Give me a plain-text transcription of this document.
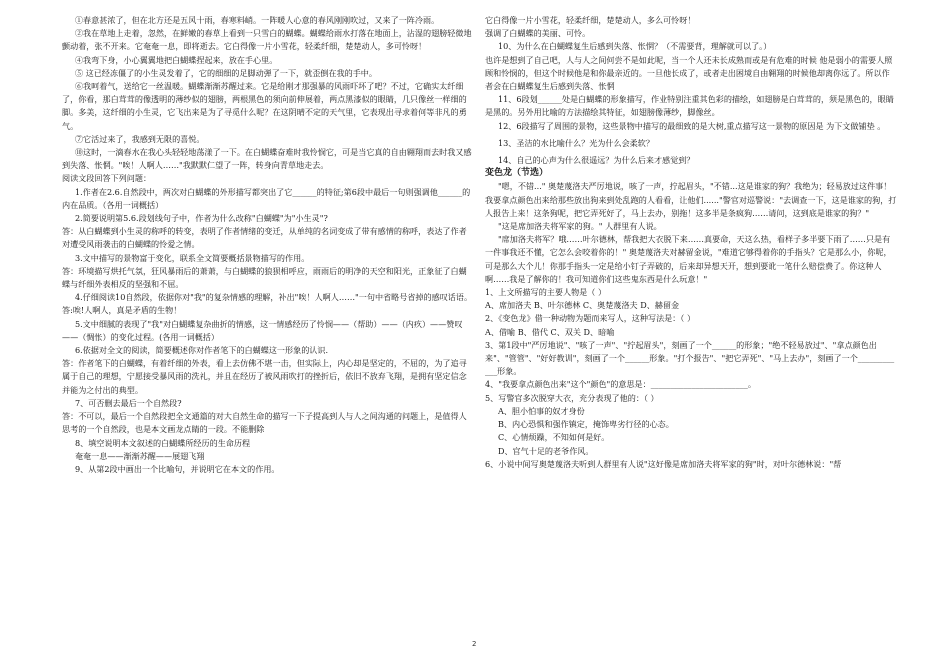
①春意甚浓了，但在北方还是五风十雨，春寒料峭。一阵暖人心意的春风刚刚吹过，又来了一阵冷雨。

②我在草地上走着，忽然，在鲜嫩的春草上看到一只雪白的蝴蝶。蝴蝶给雨水打落在地面上，沾湿的翅膀轻微地颤动着，张不开来。它奄奄一息，即将逝去。它白得像一片小雪花，轻柔纤细，楚楚动人，多可怜呀！

④我弯下身，小心翼翼地把白蝴蝶捏起来，放在手心里。

⑤ 这已经冻僵了的小生灵发着了，它的细细的足脚动弹了一下，就歪倒在我的手中。

⑥我呵着气，送给它一丝温暖。蝴蝶渐渐苏醒过来。它是给刚才那强暴的风雨吓坏了吧？不过，它确实太纤细了，你看，那白茸茸的像透明的薄纱似的翅膀，两根黑色的须向前伸展着，两点黑漆似的眼睛，几只像丝一样细的脚。多美，这纤细的小生灵，它飞出来是为了寻觅什么呢？在这阴晴不定的天气里，它表现出寻求着何等非凡的勇气。

⑦它活过来了，我感到无限的喜悦。

⑩这时，一滴春水在我心头轻轻地荡漾了一下。在白蝴蝶奋难时我怜悯它，可是当它真的自由翱翔而去时我又感到失落、怅惘。"唉！人啊人……"我默默仁望了一阵，转身向青草地走去。

阅读文段回答下列问题：

1.作者在2.6.自然段中，两次对白蝴蝶的外形描写都突出了它______的特征;第6段中最后一句则强调他______的内在品质。（各用一词概括）

2.简要说明第5.6.段划线句子中，作者为什么改称"白蝴蝶"为"小生灵"?

答：从白蝴蝶到小生灵的称呼的转变，表明了作者情绪的变迁，从单纯的名词变成了带有感情的称呼，表达了作者对遭受风雨袭击的白蝴蝶的怜爱之情。

3.文中描写的景物富于变化，联系全文简要概括景物描写的作用。

答：环境描写烘托气氛，狂风暴雨后的萧萧，与白蝴蝶的狼狈相呼应，雨雨后的明净的天空和阳光，正象征了白蝴蝶与纤细外表相反的坚强和不屈。

4.仔细阅读10自然段，依据你对"我"的复杂情感的理解，补出"唉！人啊人……"一句中省略号省掉的感叹话语。

答:唉!人啊人，真是矛盾的生物！

5.文中细腻的表现了"我"对白蝴蝶复杂曲折的情感，这一情感经历了怜悯——（帮助）——（内疚）——赞叹——（惆怅）的变化过程。(各用一词概括）

6.依据对全文的阅读，简要概述你对作者笔下的白蝴蝶这一形象的认识.

答：作者笔下的白蝴蝶，有着纤细的外表，看上去仿佛不堪一击，但实际上，内心却是坚定的，不屈的，为了追寻属于自己的理想，宁愿接受暴风雨的洗礼，并且在经历了被风雨吹打的挫折后，依旧不放弃飞翔，是拥有坚定信念并能为之付出的典型。

7、可否删去最后一个自然段?

答：不可以，最后一个自然段把全文通篇的对大自然生命的描写一下子提高到人与人之间沟通的问题上，是值得人思考的一个自然段，也是本文画龙点睛的一段。不能删除

8、填空说明本文叙述的白蝴蝶所经历的生命历程

奄奄一息——渐渐苏醒——展翅飞翔

9、从第2段中画出一个比喻句，并说明它在本文的作用。

它白得像一片小雪花，轻柔纤细，楚楚动人，多么可怜呀！

强调了白蝴蝶的美丽、可怜。

10、为什么在白蝴蝶复生后感到失落、怅惘？（不需要背，理解就可以了。）

也许是想到了自己吧，人与人之间何尝不是如此呢，当一个人还未长成熟而或是有危难的时候 他是弱小的需要人照顾和怜悯的，但这个时候他是和你最亲近的。一旦他长成了，或者走出困境自由翱翔的时候他却离你远了。所以作者会在白蝴蝶复生后感到失落、怅惘

11、6段划______处是白蝴蝶的形象描写，作业特别注重其色彩的描绘，如翅膀是白茸茸的，须是黑色的，眼睛是黑的。另外用比喻的方法描绘其特征，如翅膀像薄纱，脚像丝。

12、6段描写了周围的景物，这些景物中描写的最细致的是大树,重点描写这一景物的原因是 为下文做铺垫 。

13、圣洁的水比喻什么？光为什么会柔软？

14、自己的心声为什么很遥远？为什么后来才感觉到？

变色龙（节选）

"嗯，不错..." 奥楚蔑洛夫严厉地说，咳了一声，拧起眉头，"不错...这是谁家的狗？我绝为；轻易放过这件事！我要拿点颜色出来给那些放出狗来到处乱跑的人看看，让他们......"警官对巡警说："去调查一下，这是谁家的狗，打人报告上来！这条狗呢，把它弄死好了，马上去办，别拖！这多半是条疯狗……请问，这到底是谁家的狗？"

"这是席加洛夫将军家的狗。" 人群里有人说。

"席加洛夫将军？哦……叶尔德林，帮我把大衣脱下来……真要命，天这么热，看样子多半要下雨了……只是有一件事我还不懂，它怎么会咬着你的！" 奥楚蔑洛夫对赫留金说，"难道它够得着你的手指头？它是那么小，你呢，可是那么大个儿！你那手指头一定是给小钉子弄破的，后来却异想天开，想到要讹一笔什么赔偿费了。你这种人啊……我是了解你的！我可知道你们这些鬼东西是什么玩意！"

1、上文所描写的主要人物是（ ）

A、席加洛夫 B、叶尔德林 C、奥楚蔑洛夫 D、赫留金

2、《变色龙》借一种动物为题而来写人，这种写法是：（ ）

A、借喻 B、借代 C、双关 D、暗喻

3、第1段中"严厉地说"、"咳了一声"、"拧起眉头"，刻画了一个______的形象；"绝不轻易放过"、"拿点颜色出来"、"管管"、"好好教训"，刻画了一个______形象。"打个报告"、"把它弄死"、"马上去办"，刻画了一个____________形象。

4、"我要拿点颜色出来"这个"颜色"的意思是：________________________。

5、写警官多次脱穿大衣，充分表现了他的：（ ）

A、胆小怕事的奴才身份

B、内心恐惧和强作镇定，掩饰卑劣行径的心态。

C、心情烦躁，不知如何是好。

D、官气十足的老爷作风。

6、小说中间写奥楚蔑洛夫听到人群里有人说"这好像是席加洛夫将军家的狗"时，对叶尔德林说："帮

2
